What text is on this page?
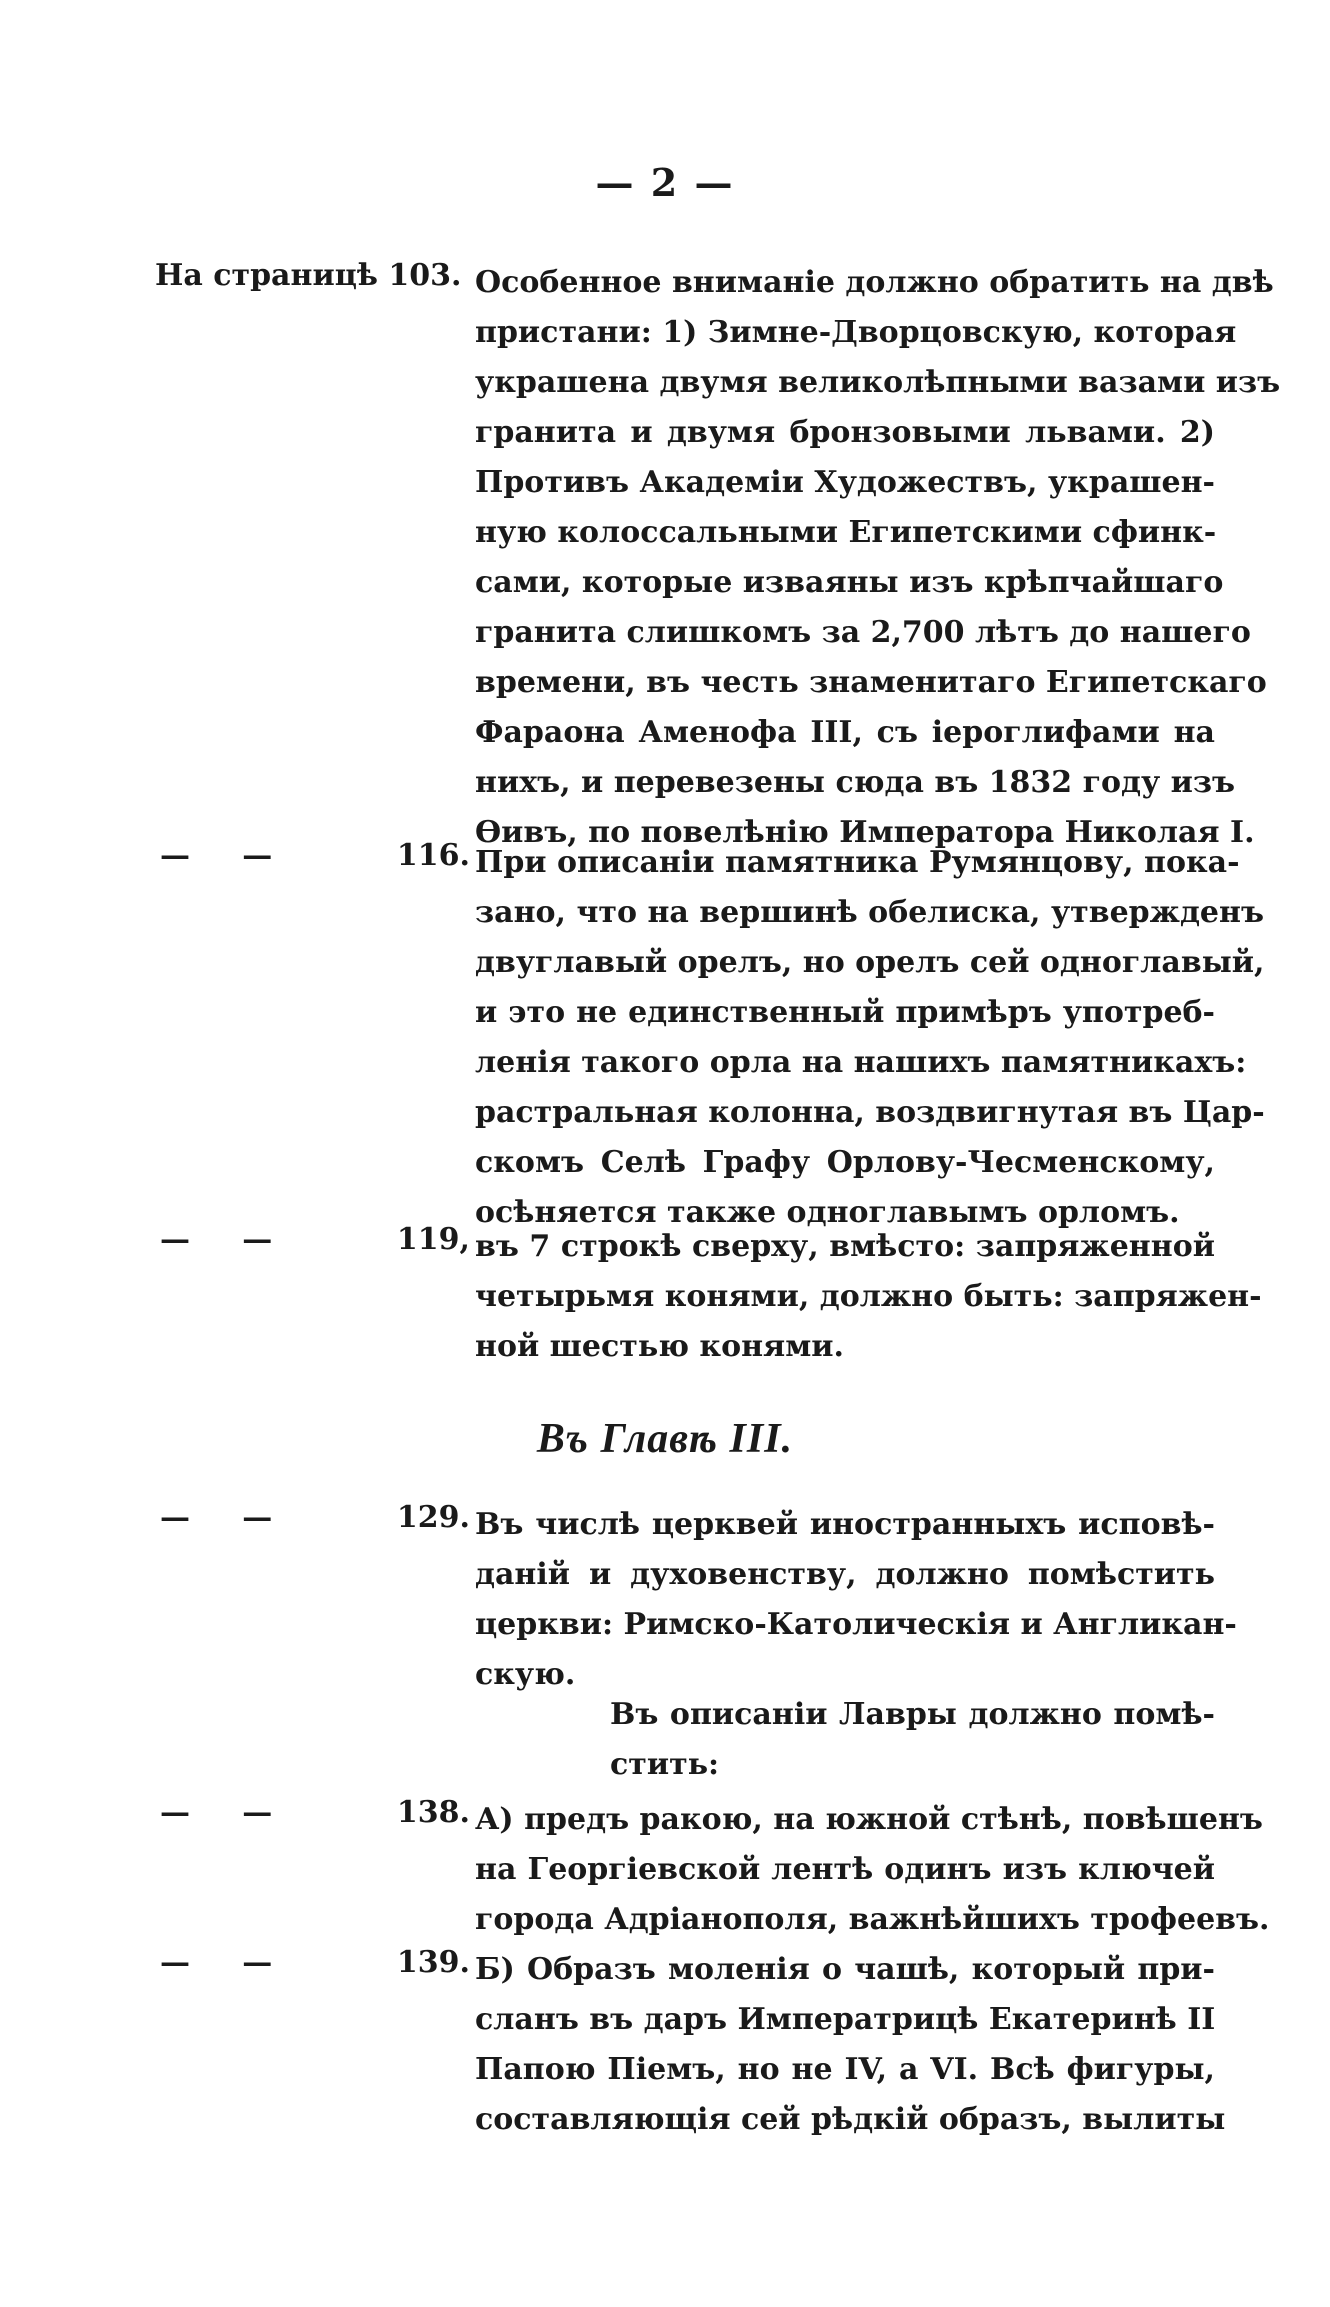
— 2 —
На страницѣ 103. Особенное вниманіе должно обратить на двѣ
пристани: 1) Зимне-Дворцовскую, которая
украшена двумя великолѣпными вазами изъ
гранита и двумя бронзовыми львами. 2)
Противъ Академіи Художествъ, украшен-
ную колоссальными Египетскими сфинк-
сами, которые изваяны изъ крѣпчайшаго
гранита слишкомъ за 2,700 лѣтъ до нашего
времени, въ честь знаменитаго Египетскаго
Фараона Аменофа III, съ іероглифами на
нихъ, и перевезены сюда въ 1832 году изъ
Ѳивъ, по повелѣнію Императора Николая I.
—     —	116. При описаніи памятника Румянцову, пока-
зано, что на вершинѣ обелиска, утвержденъ
двуглавый орелъ, но орелъ сей одноглавый,
и это не единственный примѣръ употреб-
ленія такого орла на нашихъ памятникахъ:
растральная колонна, воздвигнутая въ Цар-
скомъ Селѣ Графу Орлову-Чесменскому,
осѣняется также одноглавымъ орломъ.
—     —	119, въ 7 строкѣ сверху, вмѣсто: запряженной
четырьмя конями, должно быть: запряжен-
ной шестью конями.
Въ Главѣ III.
—     —	129. Въ числѣ церквей иностранныхъ исповѣ-
даній и духовенству, должно помѣстить
церкви: Римско-Католическія и Англикан-
скую.
Въ описаніи Лавры должно помѣ-
стить:
—     —	138. А) предъ ракою, на южной стѣнѣ, повѣшенъ
на Георгіевской лентѣ одинъ изъ ключей
города Адріанополя, важнѣйшихъ трофеевъ.
—     —	139. Б) Образъ моленія о чашѣ, который при-
сланъ въ даръ Императрицѣ Екатеринѣ II
Папою Піемъ, но не IV, а VI. Всѣ фигуры,
составляющія сей рѣдкій образъ, вылиты
